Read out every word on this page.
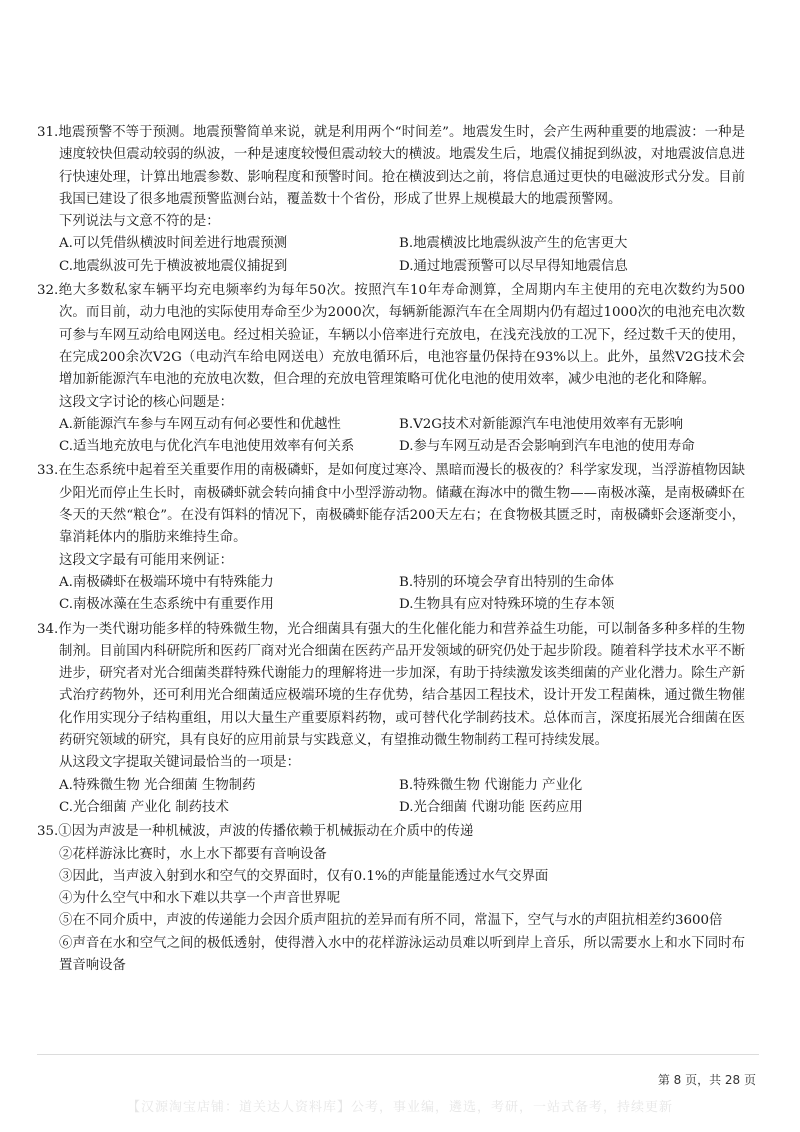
31.地震预警不等于预测。地震预警简单来说，就是利用两个“时间差”。地震发生时，会产生两种重要的地震波：一种是速度较快但震动较弱的纵波，一种是速度较慢但震动较大的横波。地震发生后，地震仪捕捉到纵波，对地震波信息进行快速处理，计算出地震参数、影响程度和预警时间。抢在横波到达之前，将信息通过更快的电磁波形式分发。目前我国已建设了很多地震预警监测台站，覆盖数十个省份，形成了世界上规模最大的地震预警网。

下列说法与文意不符的是：

A.可以凭借纵横波时间差进行地震预测	B.地震横波比地震纵波产生的危害更大

C.地震纵波可先于横波被地震仪捕捉到	D.通过地震预警可以尽早得知地震信息

32.绝大多数私家车辆平均充电频率约为每年50次。按照汽车10年寿命测算，全周期内车主使用的充电次数约为500次。而目前，动力电池的实际使用寿命至少为2000次，每辆新能源汽车在全周期内仍有超过1000次的电池充电次数可参与车网互动给电网送电。经过相关验证，车辆以小倍率进行充放电，在浅充浅放的工况下，经过数千天的使用，在完成200余次V2G（电动汽车给电网送电）充放电循环后，电池容量仍保持在93%以上。此外，虽然V2G技术会增加新能源汽车电池的充放电次数，但合理的充放电管理策略可优化电池的使用效率，减少电池的老化和降解。

这段文字讨论的核心问题是：

A.新能源汽车参与车网互动有何必要性和优越性	B.V2G技术对新能源汽车电池使用效率有无影响

C.适当地充放电与优化汽车电池使用效率有何关系	D.参与车网互动是否会影响到汽车电池的使用寿命

33.在生态系统中起着至关重要作用的南极磷虾，是如何度过寒冷、黑暗而漫长的极夜的？科学家发现，当浮游植物因缺少阳光而停止生长时，南极磷虾就会转向捕食中小型浮游动物。储藏在海冰中的微生物——南极冰藻，是南极磷虾在冬天的天然“粮仓”。在没有饵料的情况下，南极磷虾能存活200天左右；在食物极其匮乏时，南极磷虾会逐渐变小，靠消耗体内的脂肪来维持生命。

这段文字最有可能用来例证：

A.南极磷虾在极端环境中有特殊能力	B.特别的环境会孕育出特别的生命体

C.南极冰藻在生态系统中有重要作用	D.生物具有应对特殊环境的生存本领

34.作为一类代谢功能多样的特殊微生物，光合细菌具有强大的生化催化能力和营养益生功能，可以制备多种多样的生物制剂。目前国内科研院所和医药厂商对光合细菌在医药产品开发领域的研究仍处于起步阶段。随着科学技术水平不断进步，研究者对光合细菌类群特殊代谢能力的理解将进一步加深，有助于持续激发该类细菌的产业化潜力。除生产新式治疗药物外，还可利用光合细菌适应极端环境的生存优势，结合基因工程技术，设计开发工程菌株，通过微生物催化作用实现分子结构重组，用以大量生产重要原料药物，或可替代化学制药技术。总体而言，深度拓展光合细菌在医药研究领域的研究，具有良好的应用前景与实践意义，有望推动微生物制药工程可持续发展。

从这段文字提取关键词最恰当的一项是：

A.特殊微生物 光合细菌 生物制药	B.特殊微生物 代谢能力 产业化

C.光合细菌 产业化 制药技术	D.光合细菌 代谢功能 医药应用

35.①因为声波是一种机械波，声波的传播依赖于机械振动在介质中的传递

②花样游泳比赛时，水上水下都要有音响设备

③因此，当声波入射到水和空气的交界面时，仅有0.1%的声能量能透过水气交界面

④为什么空气中和水下难以共享一个声音世界呢

⑤在不同介质中，声波的传递能力会因介质声阻抗的差异而有所不同，常温下，空气与水的声阻抗相差约3600倍

⑥声音在水和空气之间的极低透射，使得潜入水中的花样游泳运动员难以听到岸上音乐，所以需要水上和水下同时布置音响设备

第 8 页，共 28 页
【汉源淘宝店铺：道关达人资料库】公考，事业编，遴选，考研，一站式备考，持续更新
